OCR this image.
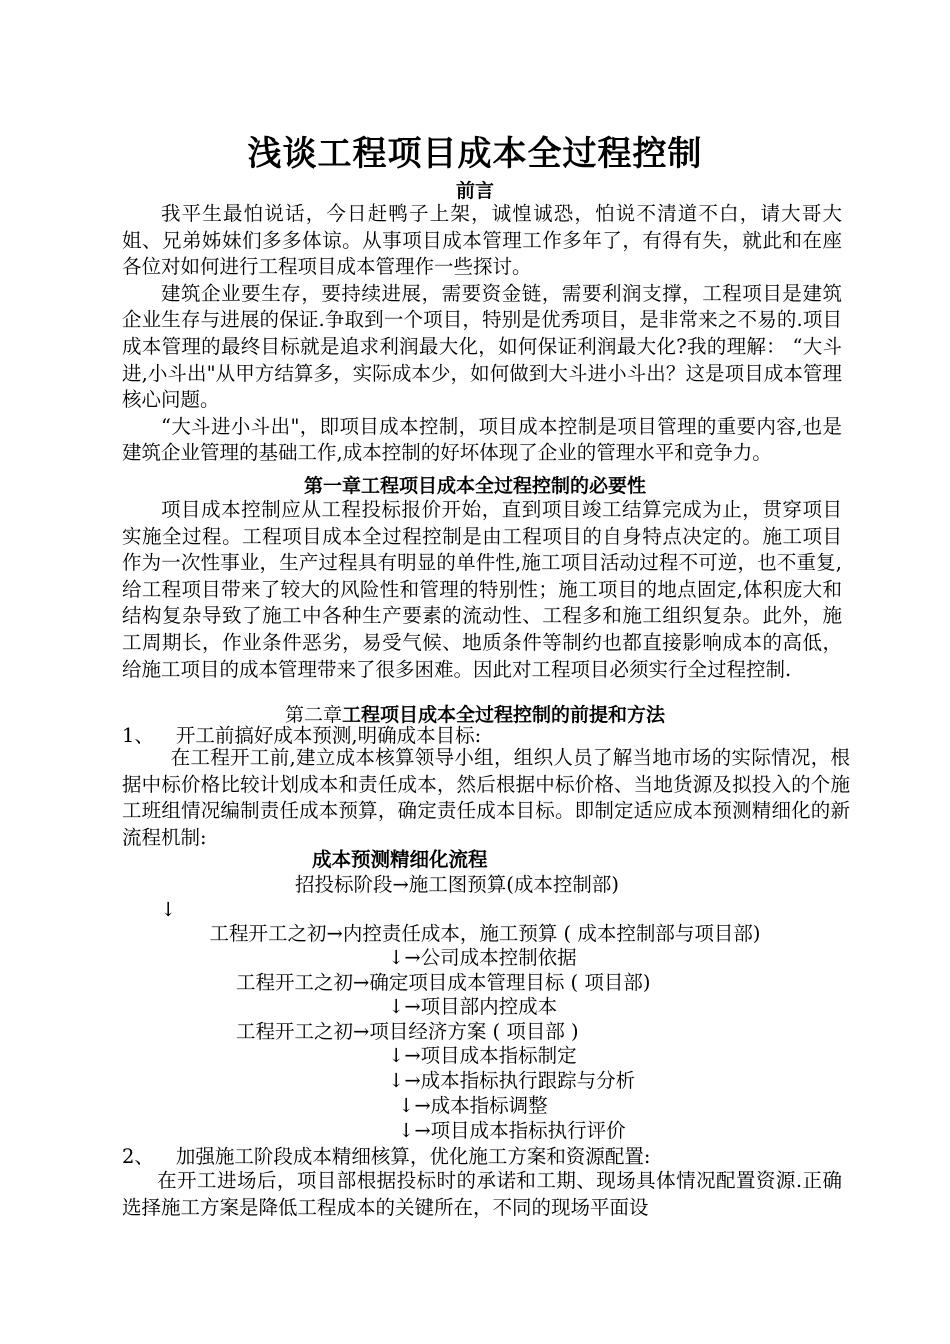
浅谈工程项目成本全过程控制
前言

我平生最怕说话，今日赶鸭子上架，诚惶诚恐，怕说不清道不白，请大哥大姐、兄弟姊妹们多多体谅。从事项目成本管理工作多年了，有得有失，就此和在座各位对如何进行工程项目成本管理作一些探讨。

建筑企业要生存，要持续进展，需要资金链，需要利润支撑，工程项目是建筑企业生存与进展的保证.争取到一个项目，特别是优秀项目，是非常来之不易的.项目成本管理的最终目标就是追求利润最大化，如何保证利润最大化?我的理解： “大斗进,小斗出"从甲方结算多，实际成本少，如何做到大斗进小斗出？这是项目成本管理核心问题。

“大斗进小斗出"，即项目成本控制，项目成本控制是项目管理的重要内容,也是建筑企业管理的基础工作,成本控制的好坏体现了企业的管理水平和竞争力。

第一章工程项目成本全过程控制的必要性

项目成本控制应从工程投标报价开始，直到项目竣工结算完成为止，贯穿项目实施全过程。工程项目成本全过程控制是由工程项目的自身特点决定的。施工项目作为一次性事业，生产过程具有明显的单件性,施工项目活动过程不可逆，也不重复,给工程项目带来了较大的风险性和管理的特别性；施工项目的地点固定,体积庞大和结构复杂导致了施工中各种生产要素的流动性、工程多和施工组织复杂。此外，施工周期长，作业条件恶劣，易受气候、地质条件等制约也都直接影响成本的高低，给施工项目的成本管理带来了很多困难。因此对工程项目必须实行全过程控制.

第二章工程项目成本全过程控制的前提和方法
1、 开工前搞好成本预测,明确成本目标:

在工程开工前,建立成本核算领导小组，组织人员了解当地市场的实际情况，根据中标价格比较计划成本和责任成本，然后根据中标价格、当地货源及拟投入的个施工班组情况编制责任成本预算，确定责任成本目标。即制定适应成本预测精细化的新流程机制:

成本预测精细化流程
招投标阶段→施工图预算(成本控制部)
↓
工程开工之初→内控责任成本，施工预算 ( 成本控制部与项目部)
↓→公司成本控制依据
工程开工之初→确定项目成本管理目标 ( 项目部)
↓→项目部内控成本
工程开工之初→项目经济方案 ( 项目部 )
↓→项目成本指标制定
↓→成本指标执行跟踪与分析
↓→成本指标调整
↓→项目成本指标执行评价
2、 加强施工阶段成本精细核算，优化施工方案和资源配置:

在开工进场后，项目部根据投标时的承诺和工期、现场具体情况配置资源.正确选择施工方案是降低工程成本的关键所在，不同的现场平面设
